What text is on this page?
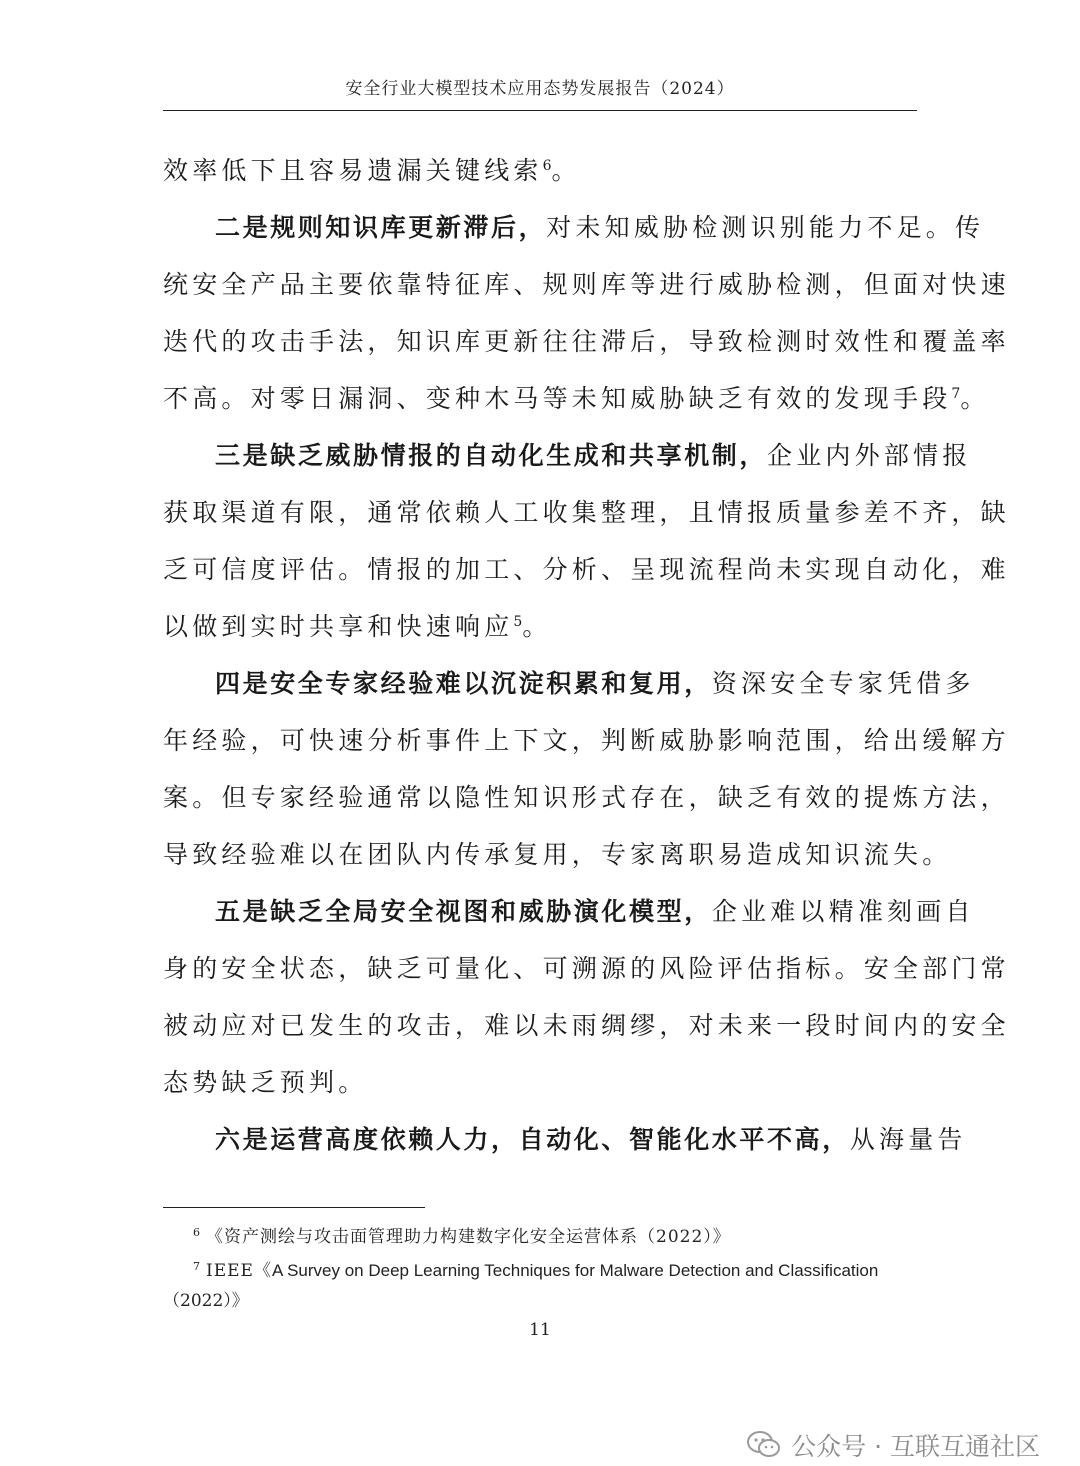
安全行业大模型技术应用态势发展报告（2024）
效率低下且容易遗漏关键线索$^6$。
二是规则知识库更新滞后，对未知威胁检测识别能力不足。传
统安全产品主要依靠特征库、规则库等进行威胁检测，但面对快速
迭代的攻击手法，知识库更新往往滞后，导致检测时效性和覆盖率
不高。对零日漏洞、变种木马等未知威胁缺乏有效的发现手段$^7$。
三是缺乏威胁情报的自动化生成和共享机制，企业内外部情报
获取渠道有限，通常依赖人工收集整理，且情报质量参差不齐，缺
乏可信度评估。情报的加工、分析、呈现流程尚未实现自动化，难
以做到实时共享和快速响应$^5$。
四是安全专家经验难以沉淀积累和复用，资深安全专家凭借多
年经验，可快速分析事件上下文，判断威胁影响范围，给出缓解方
案。但专家经验通常以隐性知识形式存在，缺乏有效的提炼方法，
导致经验难以在团队内传承复用，专家离职易造成知识流失。
五是缺乏全局安全视图和威胁演化模型，企业难以精准刻画自
身的安全状态，缺乏可量化、可溯源的风险评估指标。安全部门常
被动应对已发生的攻击，难以未雨绸缪，对未来一段时间内的安全
态势缺乏预判。
六是运营高度依赖人力，自动化、智能化水平不高，从海量告
$^6$ 《资产测绘与攻击面管理助力构建数字化安全运营体系（2022）》
$^7$ IEEE《A Survey on Deep Learning Techniques for Malware Detection and Classification
（2022）》
11
公众号 · 互联互通社区
